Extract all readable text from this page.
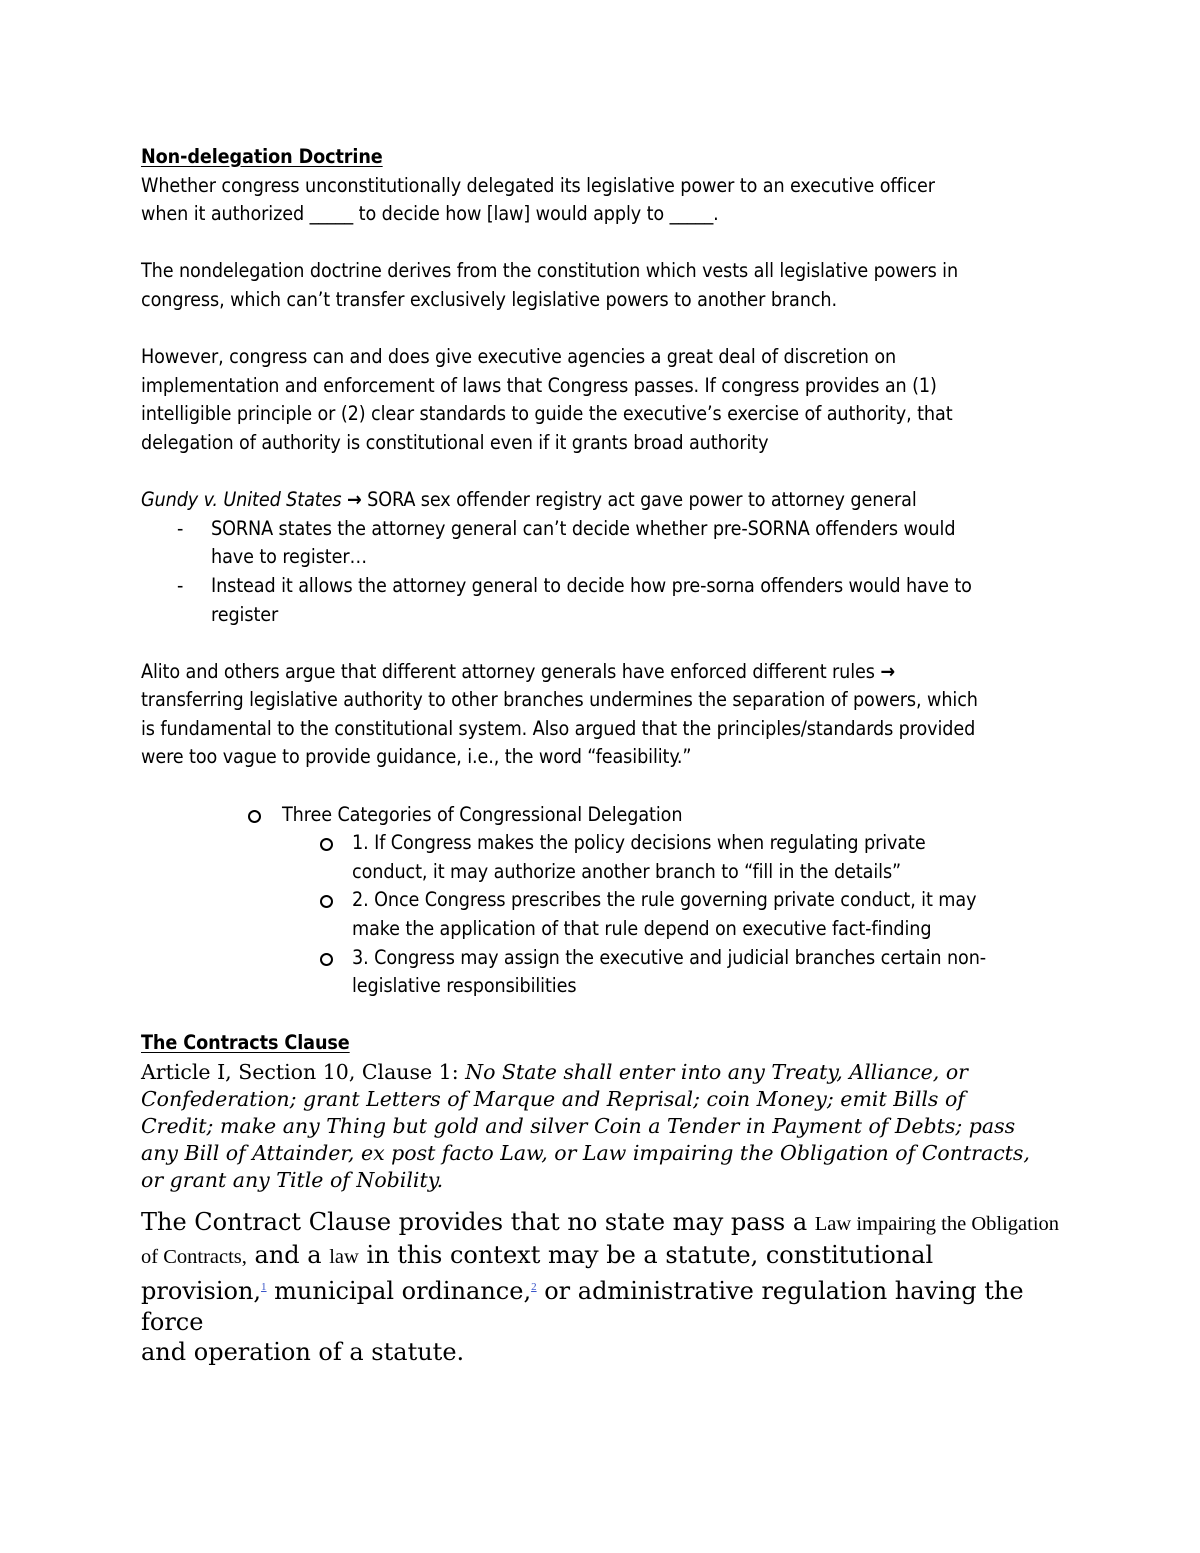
Non-delegation Doctrine

Whether congress unconstitutionally delegated its legislative power to an executive officer

when it authorized _____ to decide how [law] would apply to _____.

The nondelegation doctrine derives from the constitution which vests all legislative powers in

congress, which can’t transfer exclusively legislative powers to another branch.

However, congress can and does give executive agencies a great deal of discretion on

implementation and enforcement of laws that Congress passes. If congress provides an (1)

intelligible principle or (2) clear standards to guide the executive’s exercise of authority, that

delegation of authority is constitutional even if it grants broad authority

Gundy v. United States → SORA sex offender registry act gave power to attorney general

- SORNA states the attorney general can’t decide whether pre-SORNA offenders would
have to register…
- Instead it allows the attorney general to decide how pre-sorna offenders would have to
register

Alito and others argue that different attorney generals have enforced different rules →

transferring legislative authority to other branches undermines the separation of powers, which

is fundamental to the constitutional system. Also argued that the principles/standards provided

were too vague to provide guidance, i.e., the word “feasibility.”

Three Categories of Congressional Delegation
1. If Congress makes the policy decisions when regulating private
conduct, it may authorize another branch to “fill in the details”
2. Once Congress prescribes the rule governing private conduct, it may
make the application of that rule depend on executive fact-finding
3. Congress may assign the executive and judicial branches certain non-
legislative responsibilities

The Contracts Clause

Article I, Section 10, Clause 1: No State shall enter into any Treaty, Alliance, or

Confederation; grant Letters of Marque and Reprisal; coin Money; emit Bills of

Credit; make any Thing but gold and silver Coin a Tender in Payment of Debts; pass

any Bill of Attainder, ex post facto Law, or Law impairing the Obligation of Contracts,

or grant any Title of Nobility.

The Contract Clause provides that no state may pass a Law impairing the Obligation

of Contracts, and a law in this context may be a statute, constitutional

provision,$^1$ municipal ordinance,$^2$ or administrative regulation having the force

and operation of a statute.
